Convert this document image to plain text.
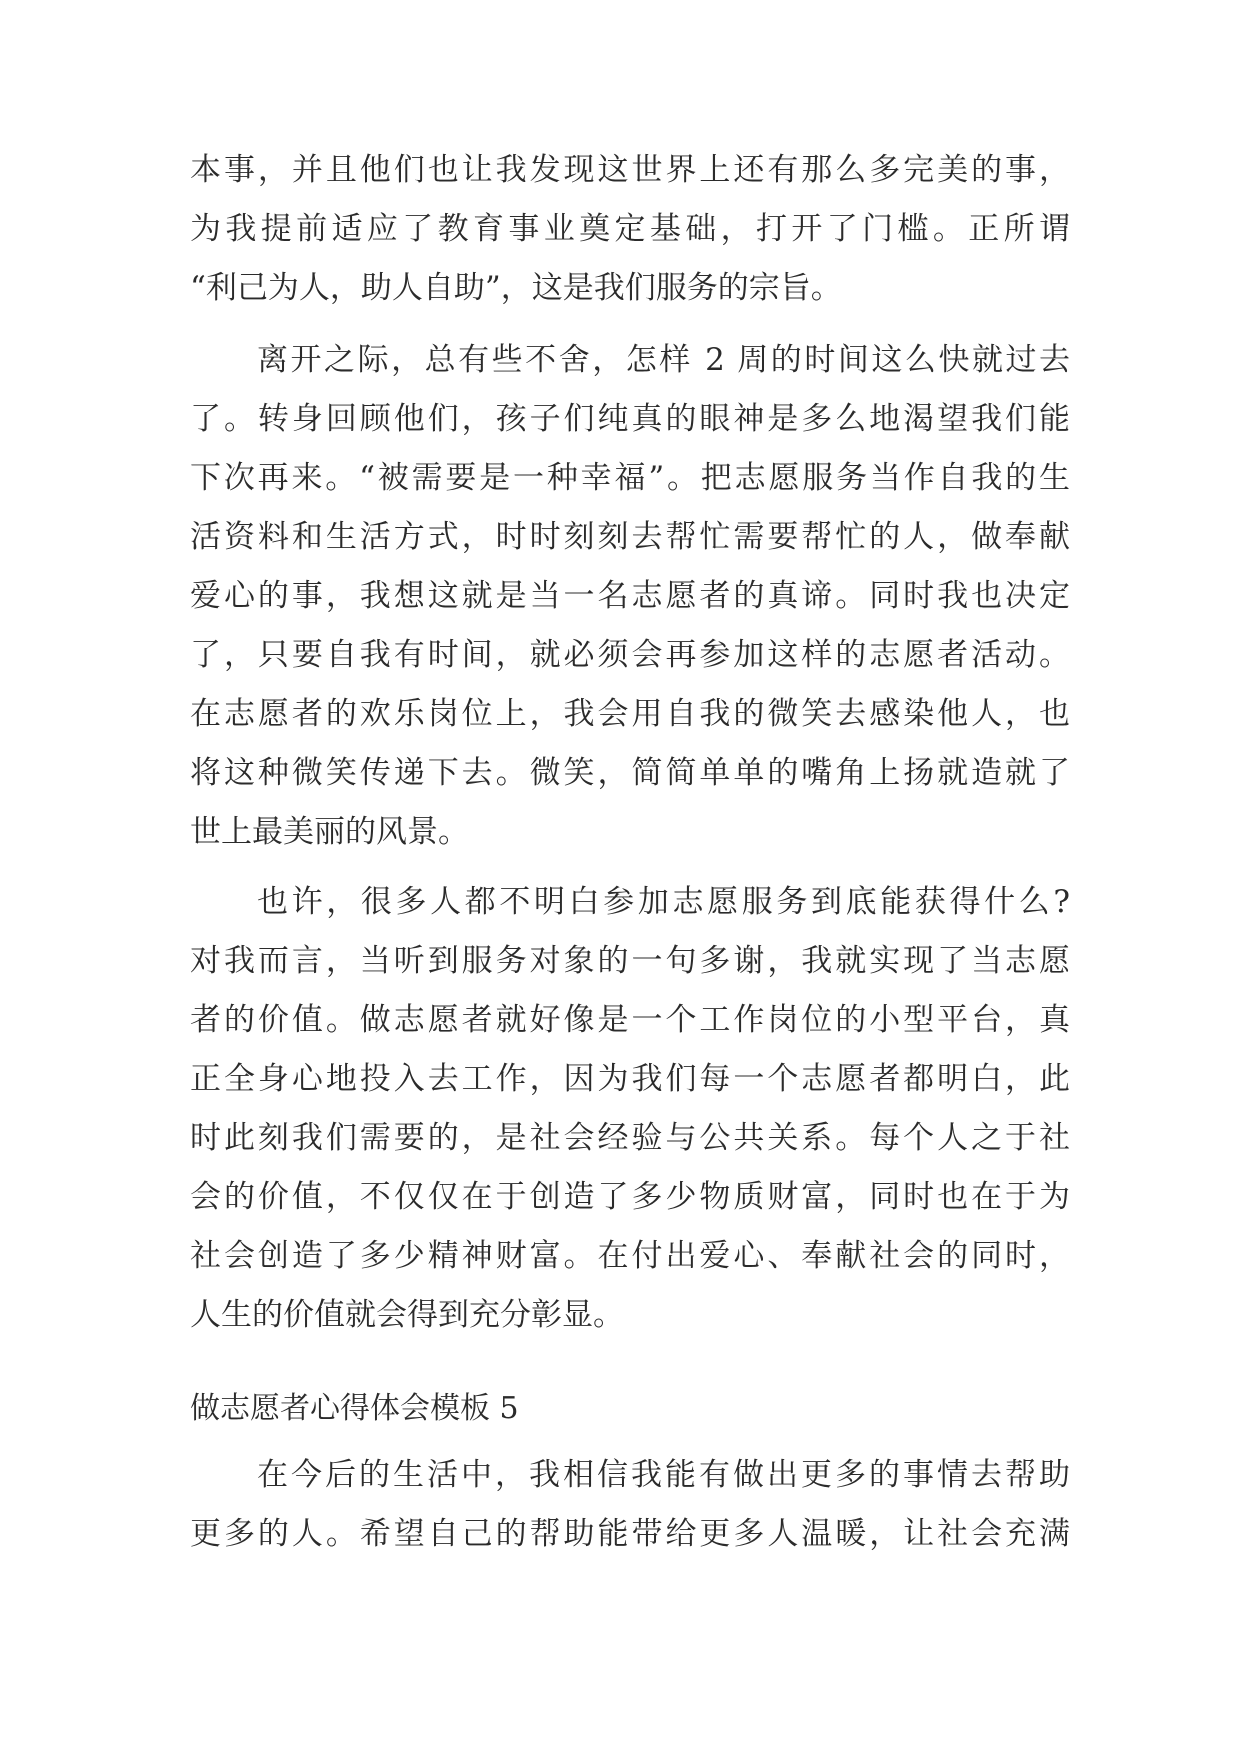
本事，并且他们也让我发现这世界上还有那么多完美的事，
为我提前适应了教育事业奠定基础，打开了门槛。正所谓
“利己为人，助人自助”，这是我们服务的宗旨。
离开之际，总有些不舍，怎样 2 周的时间这么快就过去
了。转身回顾他们，孩子们纯真的眼神是多么地渴望我们能
下次再来。“被需要是一种幸福”。把志愿服务当作自我的生
活资料和生活方式，时时刻刻去帮忙需要帮忙的人，做奉献
爱心的事，我想这就是当一名志愿者的真谛。同时我也决定
了，只要自我有时间，就必须会再参加这样的志愿者活动。
在志愿者的欢乐岗位上，我会用自我的微笑去感染他人，也
将这种微笑传递下去。微笑，简简单单的嘴角上扬就造就了
世上最美丽的风景。
也许，很多人都不明白参加志愿服务到底能获得什么?
对我而言，当听到服务对象的一句多谢，我就实现了当志愿
者的价值。做志愿者就好像是一个工作岗位的小型平台，真
正全身心地投入去工作，因为我们每一个志愿者都明白，此
时此刻我们需要的，是社会经验与公共关系。每个人之于社
会的价值，不仅仅在于创造了多少物质财富，同时也在于为
社会创造了多少精神财富。在付出爱心、奉献社会的同时，
人生的价值就会得到充分彰显。
做志愿者心得体会模板 5
在今后的生活中，我相信我能有做出更多的事情去帮助
更多的人。希望自己的帮助能带给更多人温暖，让社会充满
